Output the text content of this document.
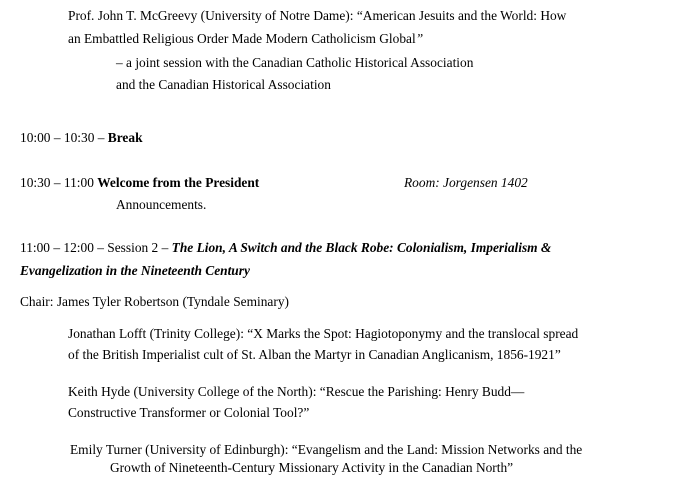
Prof. John T. McGreevy (University of Notre Dame): “American Jesuits and the World: How
an Embattled Religious Order Made Modern Catholicism Global”
– a joint session with the Canadian Catholic Historical Association
and the Canadian Historical Association
10:00 – 10:30 – Break
10:30 – 11:00 Welcome from the President	Room: Jorgensen 1402
Announcements.
11:00 – 12:00 – Session 2 – The Lion, A Switch and the Black Robe: Colonialism, Imperialism &
Evangelization in the Nineteenth Century
Chair: James Tyler Robertson (Tyndale Seminary)
Jonathan Lofft (Trinity College): “X Marks the Spot: Hagiotoponymy and the translocal spread
of the British Imperialist cult of St. Alban the Martyr in Canadian Anglicanism, 1856-1921”
Keith Hyde (University College of the North): “Rescue the Parishing: Henry Budd—
Constructive Transformer or Colonial Tool?”
Emily Turner (University of Edinburgh): “Evangelism and the Land: Mission Networks and the
Growth of Nineteenth-Century Missionary Activity in the Canadian North”
